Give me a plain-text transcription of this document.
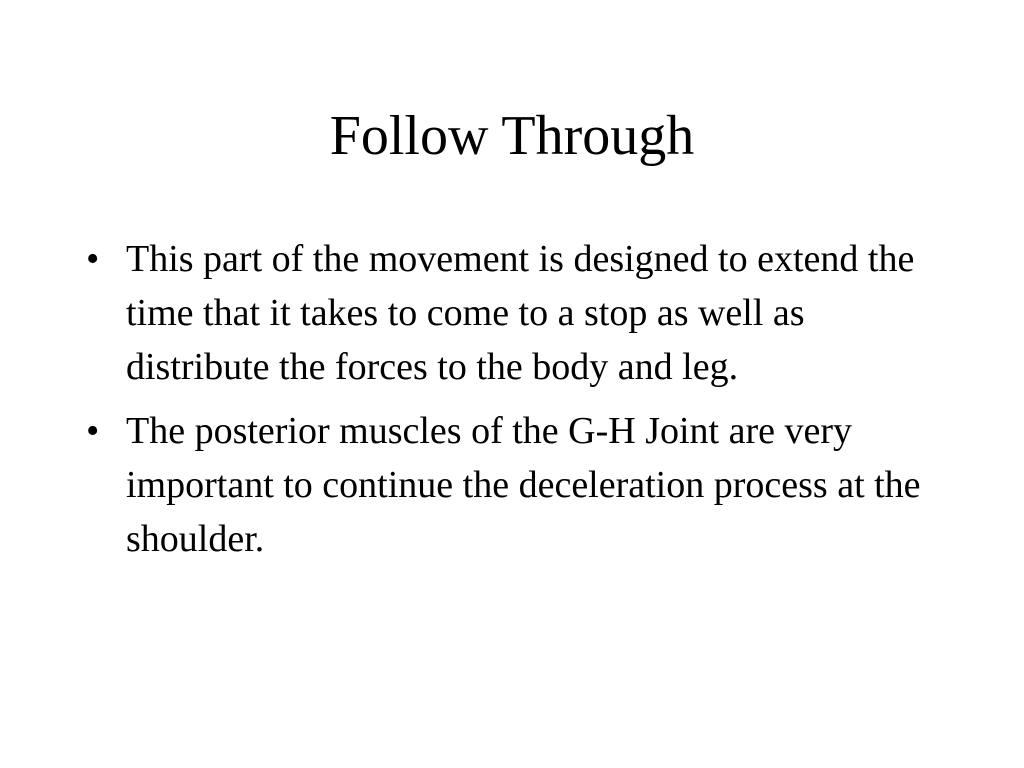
Follow Through
• This part of the movement is designed to extend the time that it takes to come to a stop as well as distribute the forces to the body and leg.
• The posterior muscles of the G-H Joint are very important to continue the deceleration process at the shoulder.
